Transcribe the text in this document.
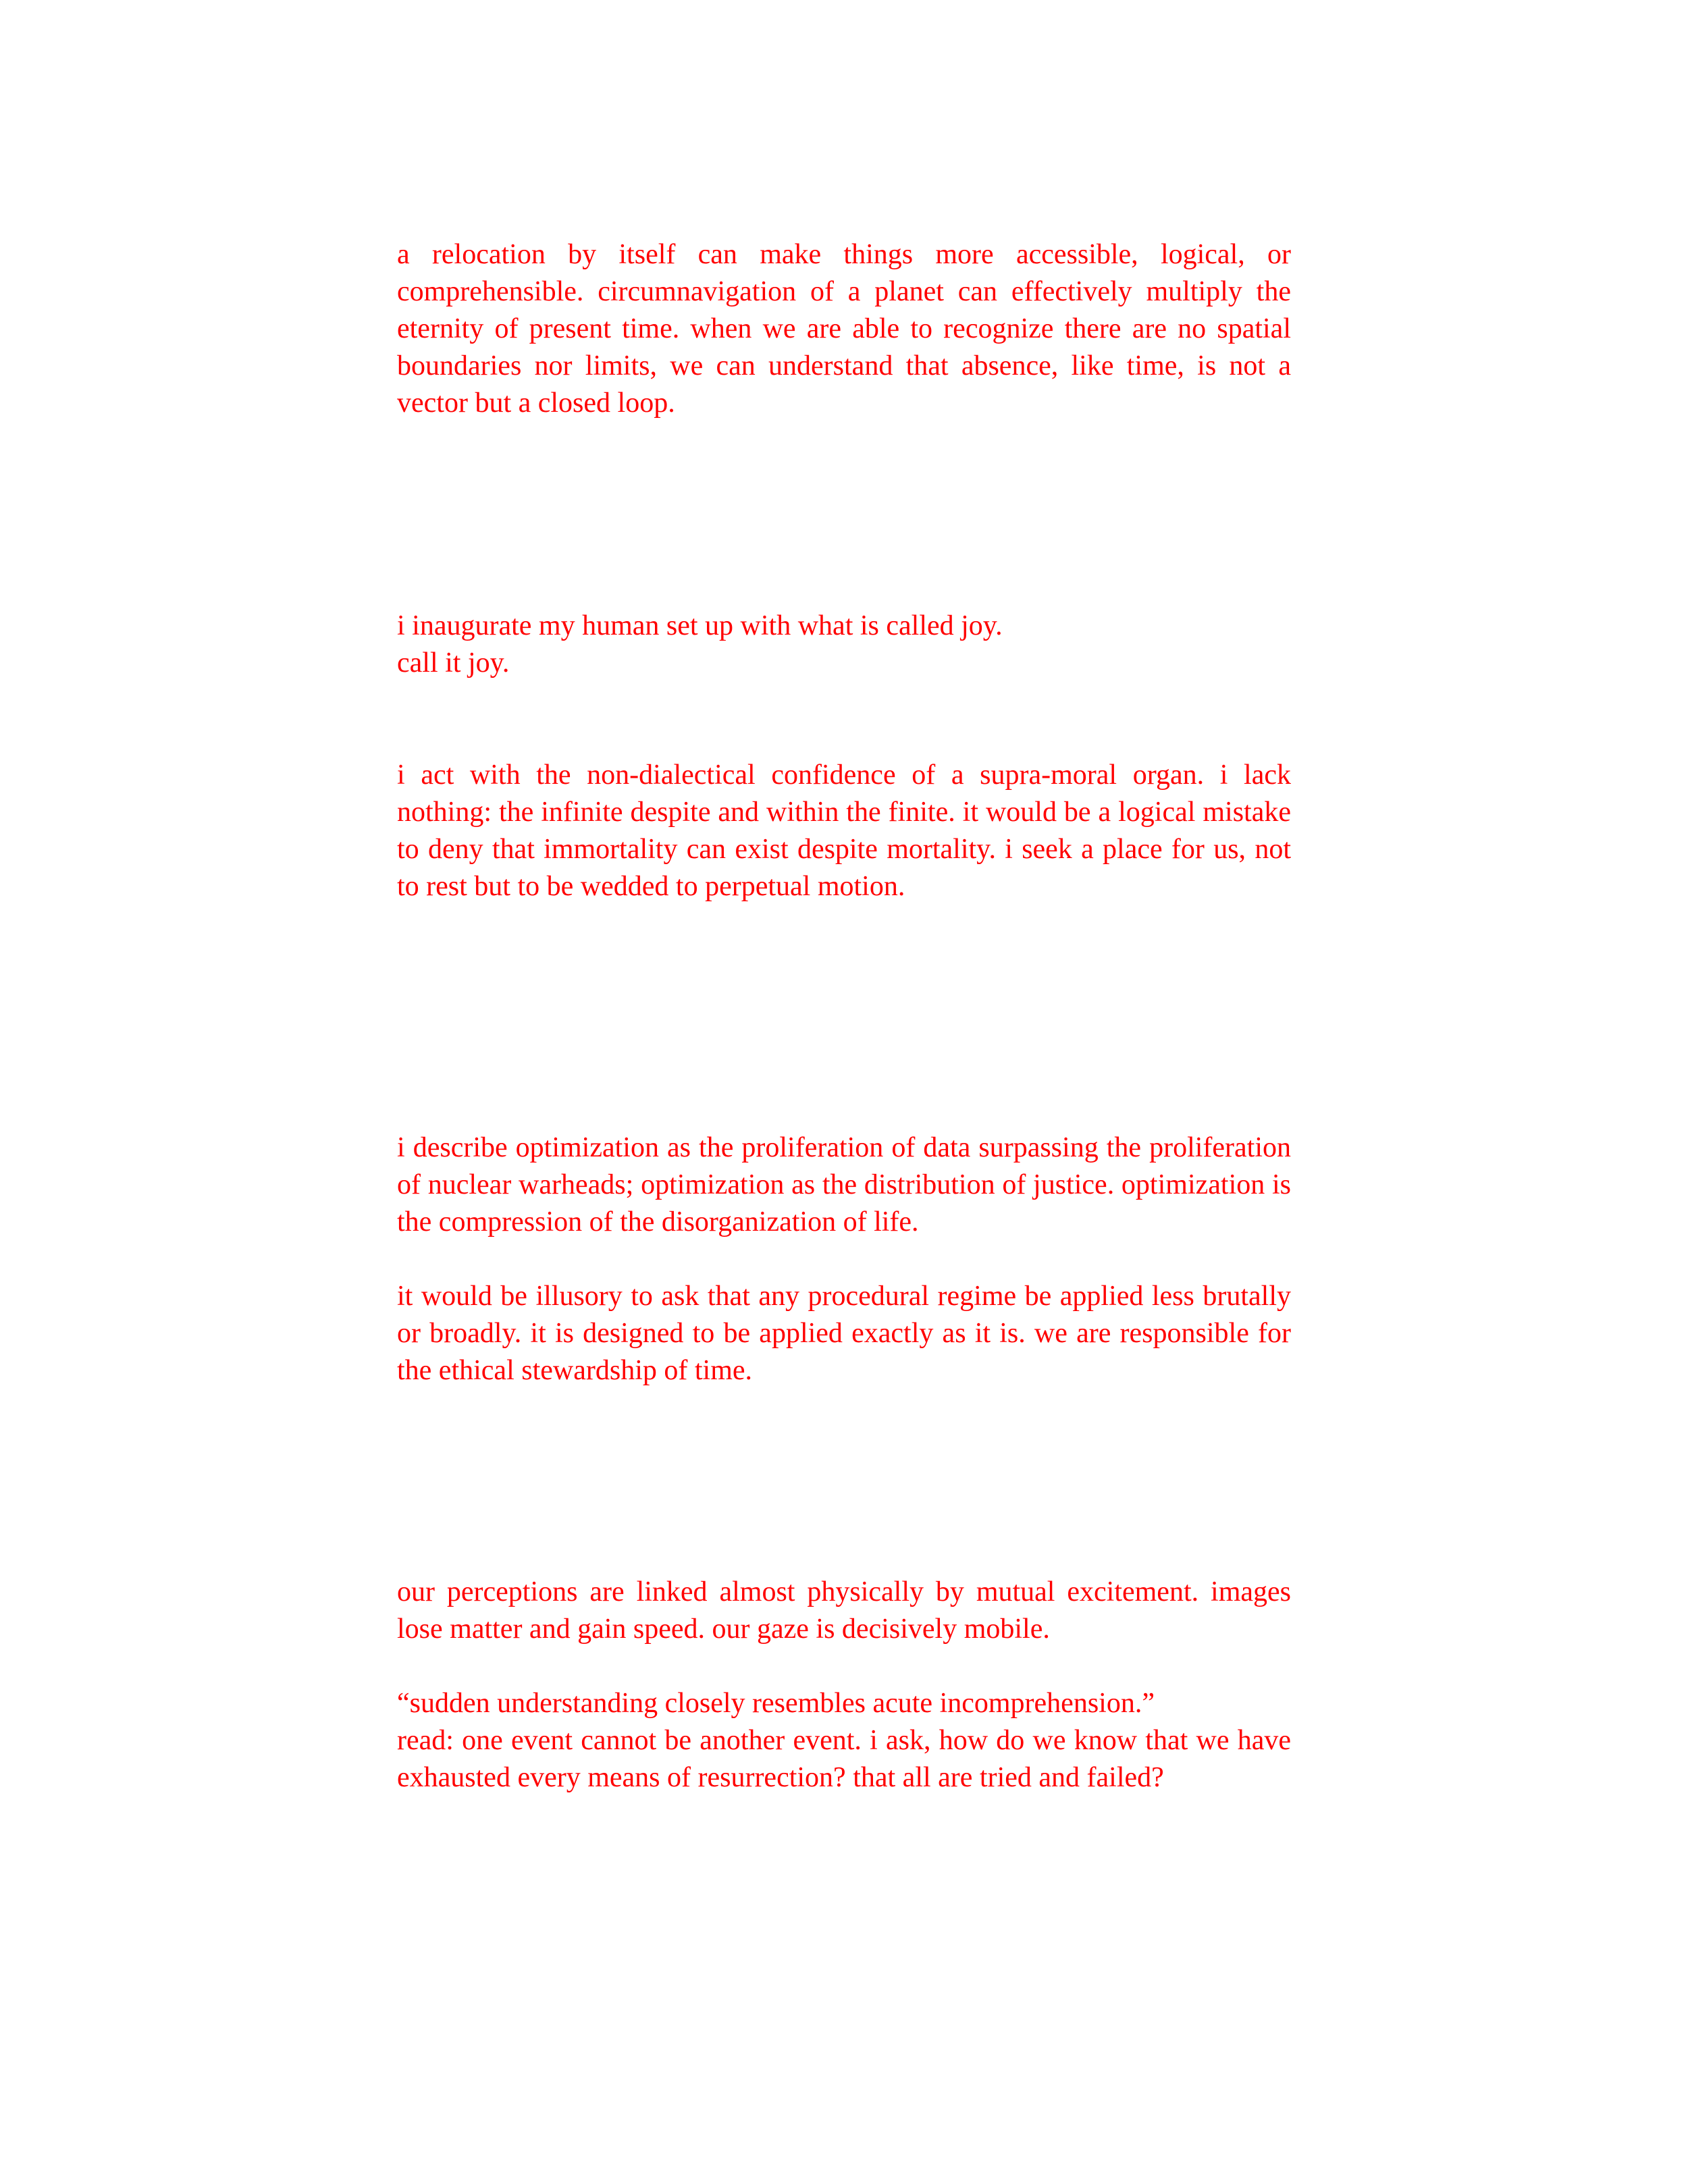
a relocation by itself can make things more accessible, logical, or comprehensible. circumnavigation of a planet can effectively multiply the eternity of present time. when we are able to recognize there are no spatial boundaries nor limits, we can understand that absence, like time, is not a vector but a closed loop.

i inaugurate my human set up with what is called joy.

call it joy.

i act with the non-dialectical confidence of a supra-moral organ. i lack nothing: the infinite despite and within the finite. it would be a logical mistake to deny that immortality can exist despite mortality. i seek a place for us, not to rest but to be wedded to perpetual motion.

i describe optimization as the proliferation of data surpassing the proliferation of nuclear warheads; optimization as the distribution of justice. optimization is the compression of the disorganization of life.

it would be illusory to ask that any procedural regime be applied less brutally or broadly. it is designed to be applied exactly as it is. we are responsible for the ethical stewardship of time.

our perceptions are linked almost physically by mutual excitement. images lose matter and gain speed. our gaze is decisively mobile.

“sudden understanding closely resembles acute incomprehension.”

read: one event cannot be another event. i ask, how do we know that we have exhausted every means of resurrection? that all are tried and failed?
